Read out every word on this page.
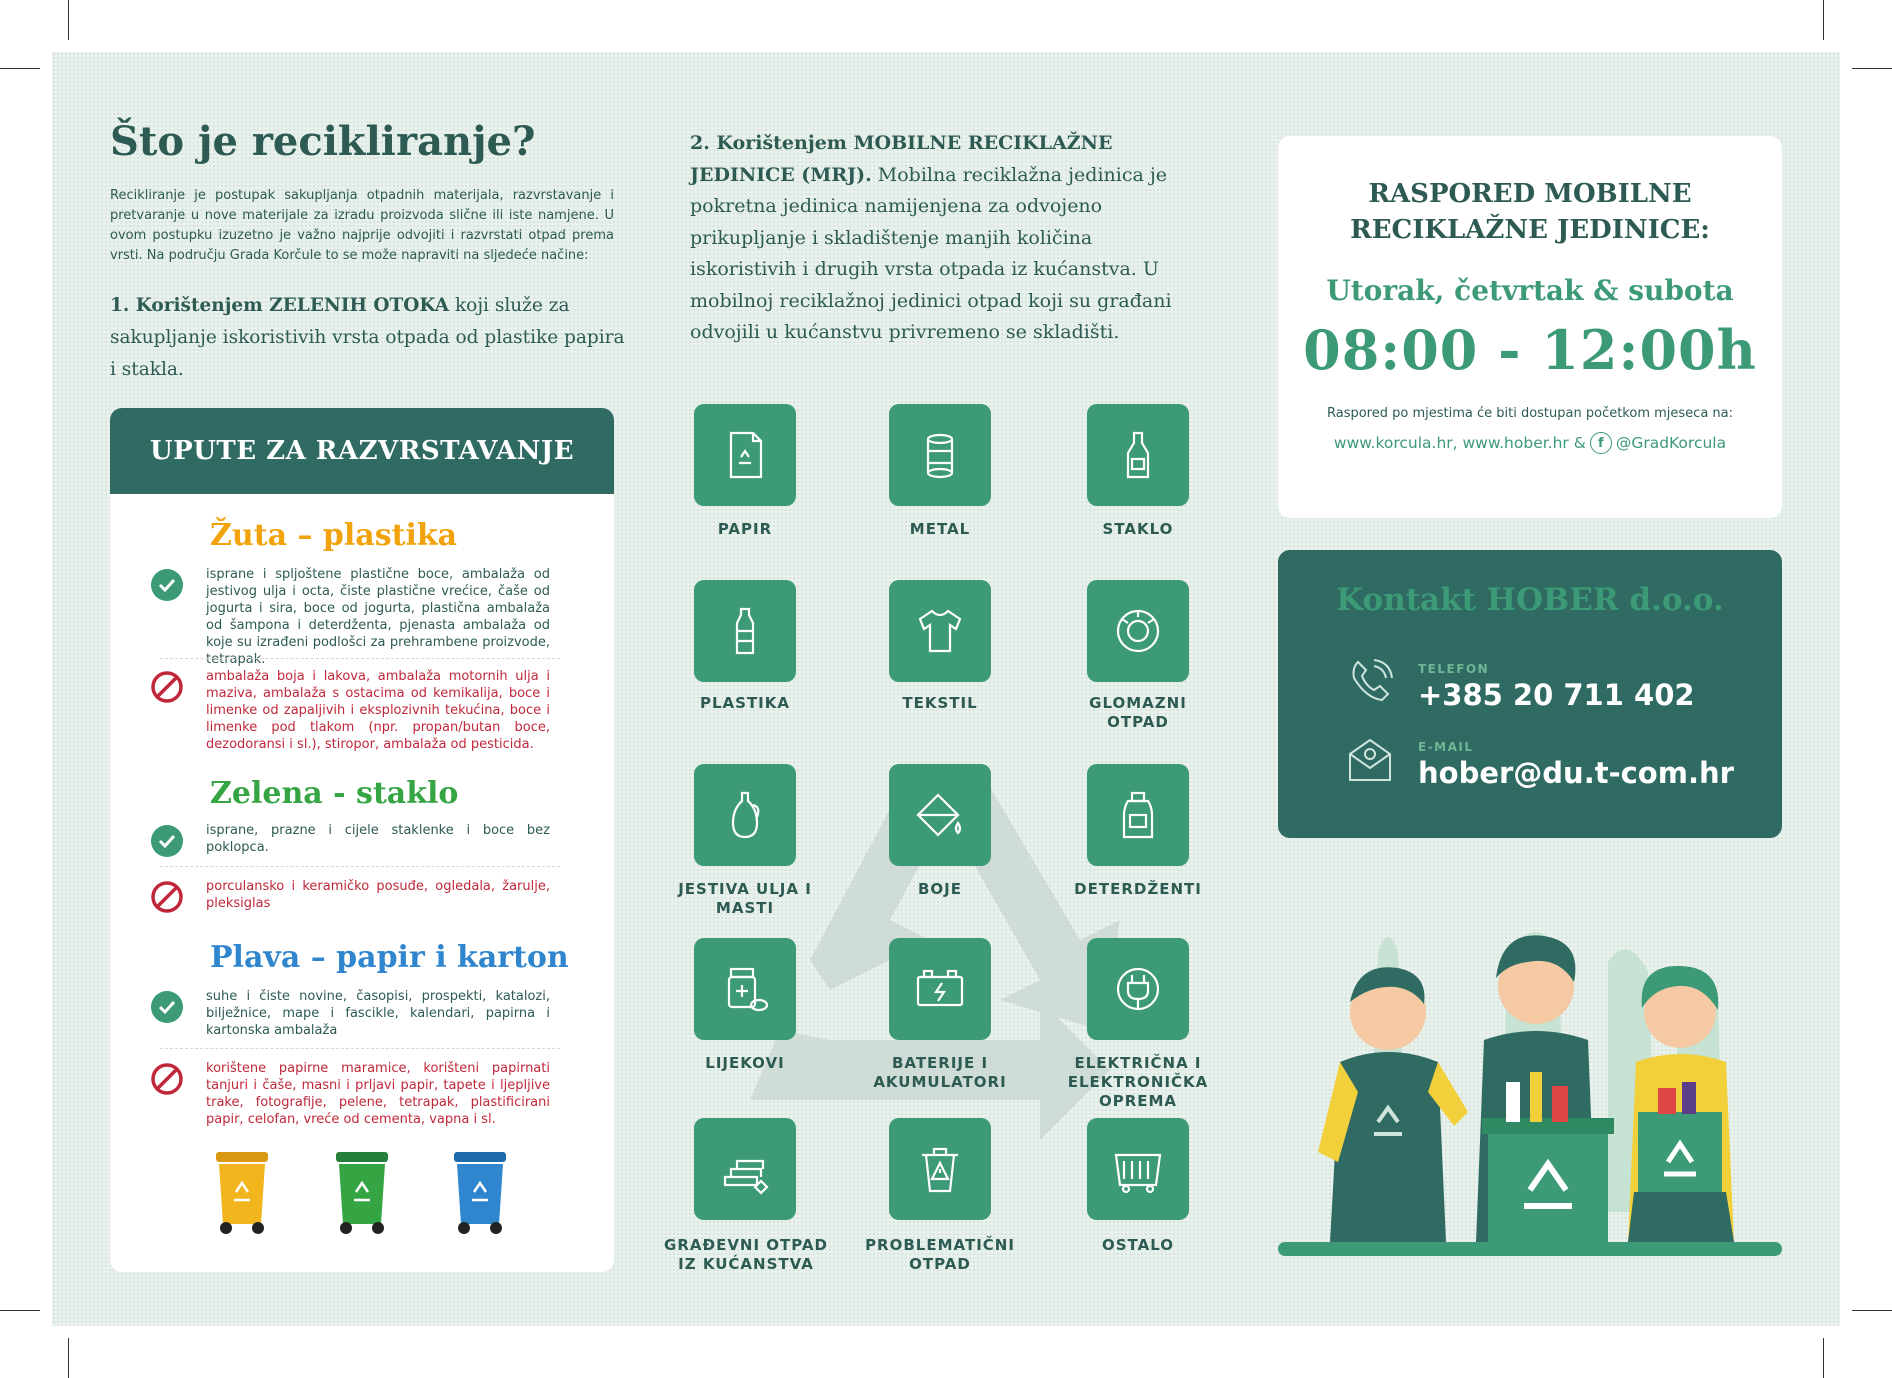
Što je recikliranje?
Recikliranje je postupak sakupljanja otpadnih materijala, razvrstavanje i pretvaranje u nove materijale za izradu proizvoda slične ili iste namjene. U ovom postupku izuzetno je važno najprije odvojiti i razvrstati otpad prema vrsti. Na području Grada Korčule to se može napraviti na sljedeće načine:
1. Korištenjem ZELENIH OTOKA koji služe za sakupljanje iskoristivih vrsta otpada od plastike papira i stakla.
UPUTE ZA RAZVRSTAVANJE
Žuta – plastika
isprane i spljoštene plastične boce, ambalaža od jestivog ulja i octa, čiste plastične vrećice, čaše od jogurta i sira, boce od jogurta, plastična ambalaža od šampona i deterdženta, pjenasta ambalaža od koje su izrađeni podlošci za prehrambene proizvode, tetrapak.
ambalaža boja i lakova, ambalaža motornih ulja i maziva, ambalaža s ostacima od kemikalija, boce i limenke od zapaljivih i eksplozivnih tekućina, boce i limenke pod tlakom (npr. propan/butan boce, dezodoransi i sl.), stiropor, ambalaža od pesticida.
Zelena - staklo
isprane, prazne i cijele staklenke i boce bez poklopca.
porculansko i keramičko posuđe, ogledala, žarulje, pleksiglas
Plava – papir i karton
suhe i čiste novine, časopisi, prospekti, katalozi, bilježnice, mape i fascikle, kalendari, papirna i kartonska ambalaža
korištene papirne maramice, korišteni papirnati tanjuri i čaše, masni i prljavi papir, tapete i ljepljive trake, fotografije, pelene, tetrapak, plastificirani papir, celofan, vreće od cementa, vapna i sl.
2. Korištenjem MOBILNE RECIKLAŽNE JEDINICE (MRJ). Mobilna reciklažna jedinica je pokretna jedinica namijenjena za odvojeno prikupljanje i skladištenje manjih količina iskoristivih i drugih vrsta otpada iz kućanstva. U mobilnoj reciklažnoj jedinici otpad koji su građani odvojili u kućanstvu privremeno se skladišti.
PAPIR	METAL	STAKLO
PLASTIKA	TEKSTIL	GLOMAZNI OTPAD
JESTIVA ULJA I MASTI
BOJE	DETERDŽENTI
LIJEKOVI	BATERIJE I AKUMULATORI
ELEKTRIČNA I ELEKTRONIČKA OPREMA
GRAĐEVNI OTPAD IZ KUĆANSTVA
PROBLEMATIČNI OTPAD
OSTALO
RASPORED MOBILNE
RECIKLAŽNE JEDINICE:
Utorak, četvrtak & subota
08:00 - 12:00h
Raspored po mjestima će biti dostupan početkom mjeseca na:
www.korcula.hr, www.hober.hr & f @GradKorcula
Kontakt HOBER d.o.o.
TELEFON
+385 20 711 402
E-MAIL
hober@du.t-com.hr
